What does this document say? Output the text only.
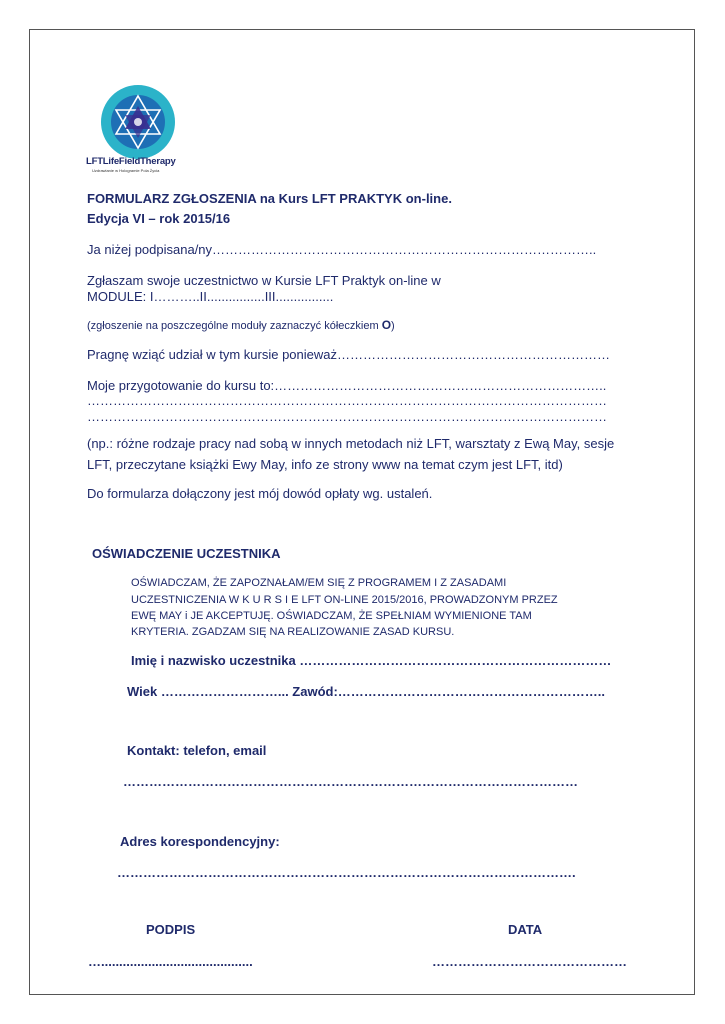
LFTLifeFieldTherapy
Uzdrawianie w Hologramie Pola Życia
FORMULARZ ZGŁOSZENIA na Kurs LFT PRAKTYK on-line.
Edycja VI – rok 2015/16
Ja niżej podpisana/ny……………………………………………………………………………..
Zgłaszam swoje uczestnictwo w Kursie LFT Praktyk on-line w
MODULE: I………..II................III................
(zgłoszenie na poszczególne moduły zaznaczyć kółeczkiem O)
Pragnę wziąć udział w tym kursie ponieważ………………………………………………………
Moje przygotowanie do kursu to:…………………………………………………………………..
…………………………………………………………………………………………………………
…………………………………………………………………………………………………………
(np.: różne rodzaje pracy nad sobą w innych metodach niż LFT, warsztaty z Ewą May, sesje
LFT, przeczytane książki Ewy May, info ze strony www na temat czym jest LFT, itd)
Do formularza dołączony jest mój dowód opłaty wg. ustaleń.
OŚWIADCZENIE UCZESTNIKA
OŚWIADCZAM, ŻE ZAPOZNAŁAM/EM SIĘ Z PROGRAMEM I Z ZASADAMI
UCZESTNICZENIA W K U R S I E LFT ON-LINE 2015/2016, PROWADZONYM PRZEZ
EWĘ MAY i JE AKCEPTUJĘ. OŚWIADCZAM, ŻE SPEŁNIAM WYMIENIONE TAM
KRYTERIA. ZGADZAM SIĘ NA REALIZOWANIE ZASAD KURSU.
Imię i nazwisko uczestnika ………………………………………………………………
Wiek ………………………... Zawód:……………………………………………………..
Kontakt: telefon, email
……………………………………………………………………………………………
Adres korespondencyjny:
…………………………………………………………………………………………….
PODPIS	DATA
…..........................................	………………………………………
